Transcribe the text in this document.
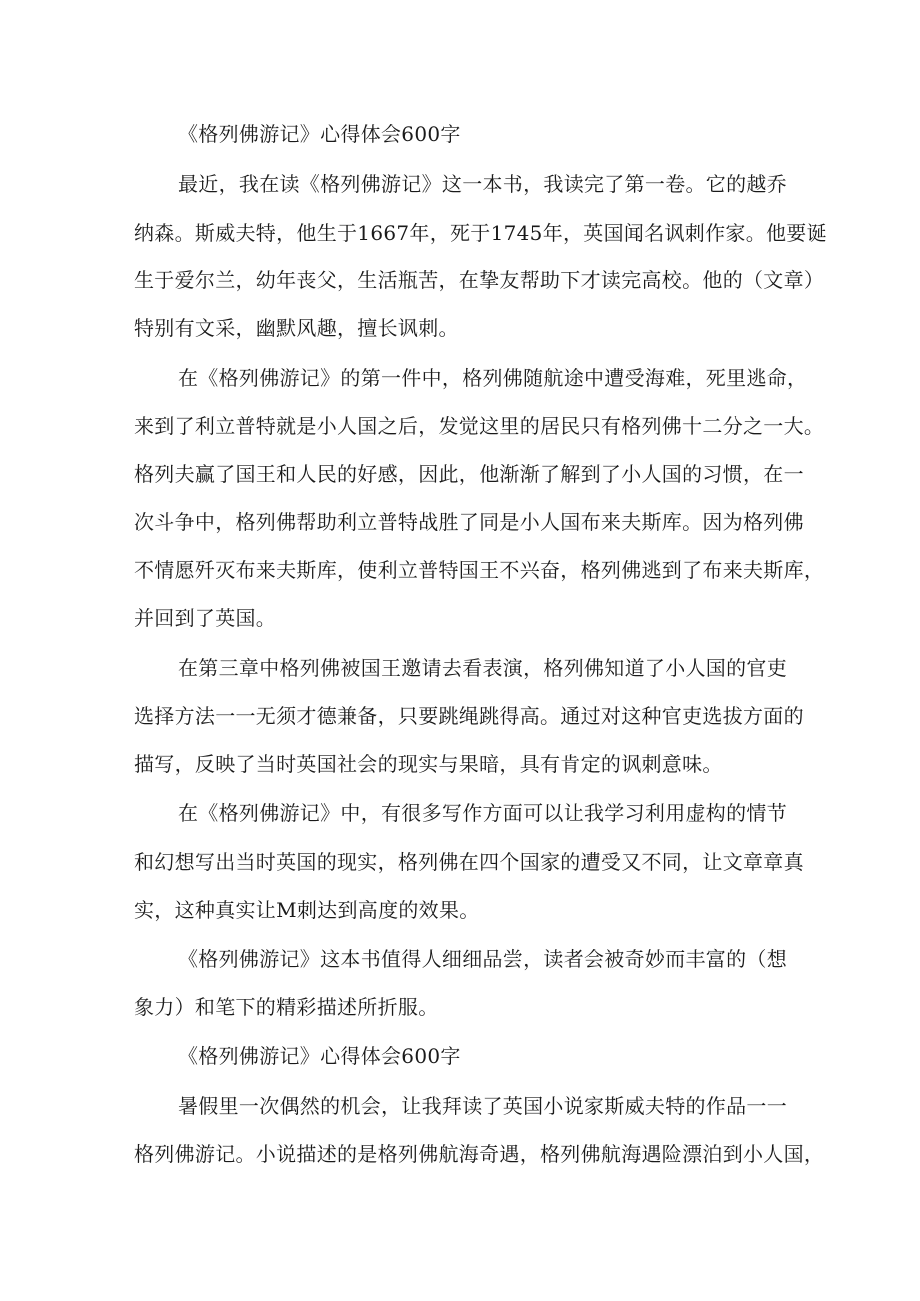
《格列佛游记》心得体会600字
最近，我在读《格列佛游记》这一本书，我读完了第一卷。它的越乔
纳森。斯威夫特，他生于1667年，死于1745年，英国闻名讽刺作家。他要诞
生于爱尔兰，幼年丧父，生活瓶苦，在挚友帮助下才读完高校。他的（文章）
特别有文采，幽默风趣，擅长讽刺。
在《格列佛游记》的第一件中，格列佛随航途中遭受海难，死里逃命，
来到了利立普特就是小人国之后，发觉这里的居民只有格列佛十二分之一大。
格列夫赢了国王和人民的好感，因此，他渐渐了解到了小人国的习惯，在一
次斗争中，格列佛帮助利立普特战胜了同是小人国布来夫斯库。因为格列佛
不情愿歼灭布来夫斯库，使利立普特国王不兴奋，格列佛逃到了布来夫斯库，
并回到了英国。
在第三章中格列佛被国王邀请去看表演，格列佛知道了小人国的官吏
选择方法一一无须才德兼备，只要跳绳跳得高。通过对这种官吏选拔方面的
描写，反映了当时英国社会的现实与果暗，具有肯定的讽刺意味。
在《格列佛游记》中，有很多写作方面可以让我学习利用虚构的情节
和幻想写出当时英国的现实，格列佛在四个国家的遭受又不同，让文章章真
实，这种真实让M刺达到高度的效果。
《格列佛游记》这本书值得人细细品尝，读者会被奇妙而丰富的（想
象力）和笔下的精彩描述所折服。
《格列佛游记》心得体会600字
暑假里一次偶然的机会，让我拜读了英国小说家斯威夫特的作品一一
格列佛游记。小说描述的是格列佛航海奇遇，格列佛航海遇险漂泊到小人国，
